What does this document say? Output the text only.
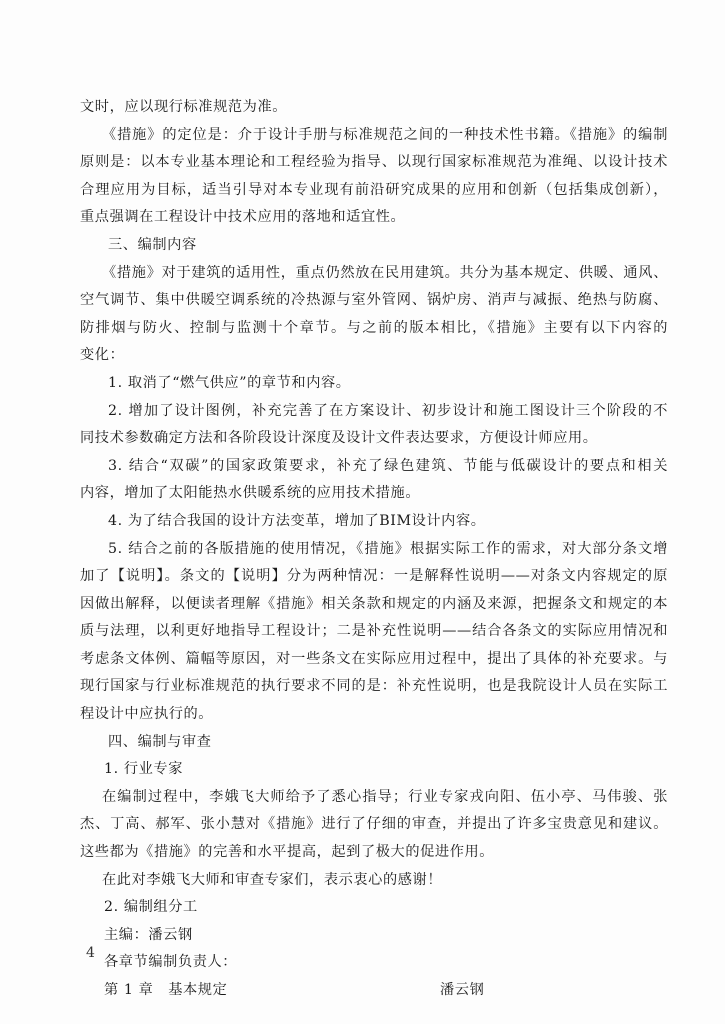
文时，应以现行标准规范为准。
《措施》的定位是：介于设计手册与标准规范之间的一种技术性书籍。《措施》的编制
原则是：以本专业基本理论和工程经验为指导、以现行国家标准规范为准绳、以设计技术
合理应用为目标，适当引导对本专业现有前沿研究成果的应用和创新（包括集成创新），
重点强调在工程设计中技术应用的落地和适宜性。
三、编制内容
《措施》对于建筑的适用性，重点仍然放在民用建筑。共分为基本规定、供暖、通风、
空气调节、集中供暖空调系统的冷热源与室外管网、锅炉房、消声与减振、绝热与防腐、
防排烟与防火、控制与监测十个章节。与之前的版本相比，《措施》主要有以下内容的
变化：
1. 取消了“燃气供应”的章节和内容。
2. 增加了设计图例，补充完善了在方案设计、初步设计和施工图设计三个阶段的不
同技术参数确定方法和各阶段设计深度及设计文件表达要求，方便设计师应用。
3. 结合“双碳”的国家政策要求，补充了绿色建筑、节能与低碳设计的要点和相关
内容，增加了太阳能热水供暖系统的应用技术措施。
4. 为了结合我国的设计方法变革，增加了BIM设计内容。
5. 结合之前的各版措施的使用情况，《措施》根据实际工作的需求，对大部分条文增
加了【说明】。条文的【说明】分为两种情况：一是解释性说明——对条文内容规定的原
因做出解释，以便读者理解《措施》相关条款和规定的内涵及来源，把握条文和规定的本
质与法理，以利更好地指导工程设计；二是补充性说明——结合各条文的实际应用情况和
考虑条文体例、篇幅等原因，对一些条文在实际应用过程中，提出了具体的补充要求。与
现行国家与行业标准规范的执行要求不同的是：补充性说明，也是我院设计人员在实际工
程设计中应执行的。
四、编制与审查
1. 行业专家
在编制过程中，李娥飞大师给予了悉心指导；行业专家戎向阳、伍小亭、马伟骏、张
杰、丁高、郝军、张小慧对《措施》进行了仔细的审查，并提出了许多宝贵意见和建议。
这些都为《措施》的完善和水平提高，起到了极大的促进作用。
在此对李娥飞大师和审查专家们，表示衷心的感谢！
2. 编制组分工
主编：潘云钢
各章节编制负责人：
第 1 章　基本规定	潘云钢
4
